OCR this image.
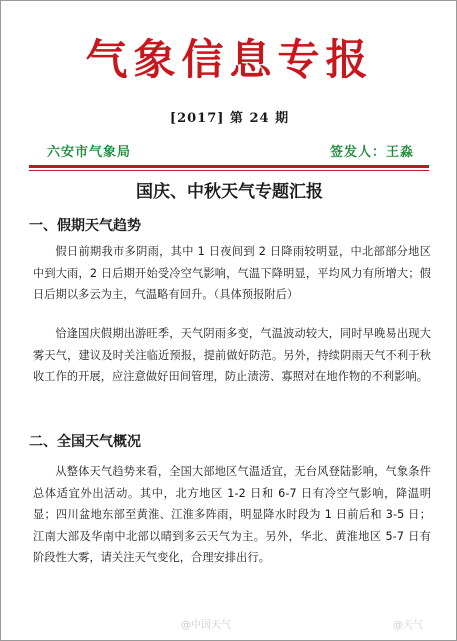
气象信息专报
[2017] 第 24 期
六安市气象局	签发人：王淼
国庆、中秋天气专题汇报
一、假期天气趋势

假日前期我市多阴雨，其中 1 日夜间到 2 日降雨较明显，中北部部分地区中到大雨，2 日后期开始受冷空气影响，气温下降明显，平均风力有所增大；假日后期以多云为主，气温略有回升。（具体预报附后）

恰逢国庆假期出游旺季，天气阴雨多变，气温波动较大，同时早晚易出现大雾天气，建议及时关注临近预报，提前做好防范。另外，持续阴雨天气不利于秋收工作的开展，应注意做好田间管理，防止渍涝、寡照对在地作物的不利影响。

二、全国天气概况

从整体天气趋势来看，全国大部地区气温适宜，无台风登陆影响，气象条件总体适宜外出活动。其中，北方地区 1-2 日和 6-7 日有冷空气影响，降温明显；四川盆地东部至黄淮、江淮多阵雨，明显降水时段为 1 日前后和 3-5 日；江南大部及华南中北部以晴到多云天气为主。另外，华北、黄淮地区 5-7 日有阶段性大雾，请关注天气变化，合理安排出行。

@中国天气	@天气
